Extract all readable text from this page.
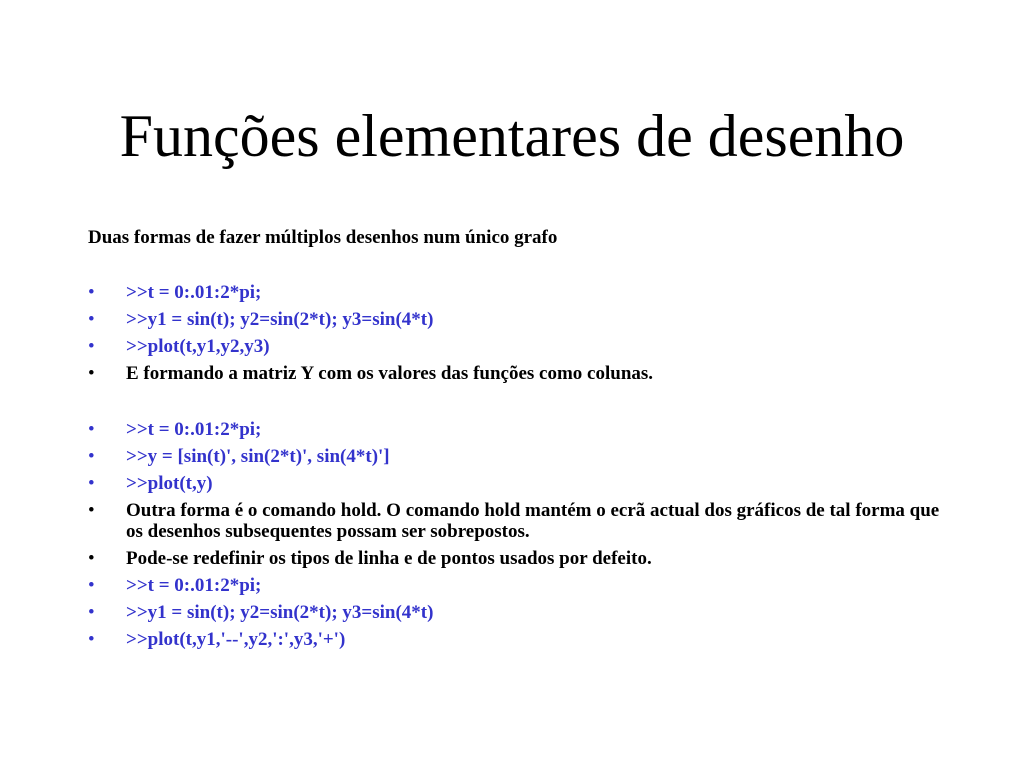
Funções elementares de desenho

Duas formas de fazer múltiplos desenhos num único grafo

• >>t = 0:.01:2*pi;
• >>y1 = sin(t); y2=sin(2*t); y3=sin(4*t)
• >>plot(t,y1,y2,y3)
• E formando a matriz Y com os valores das funções como colunas.
• >>t = 0:.01:2*pi;
• >>y = [sin(t)', sin(2*t)', sin(4*t)']
• >>plot(t,y)
• Outra forma é o comando hold. O comando hold mantém o ecrã actual dos gráficos de tal forma que os desenhos subsequentes possam ser sobrepostos.
• Pode-se redefinir os tipos de linha e de pontos usados por defeito.
• >>t = 0:.01:2*pi;
• >>y1 = sin(t); y2=sin(2*t); y3=sin(4*t)
• >>plot(t,y1,'--',y2,':',y3,'+')
